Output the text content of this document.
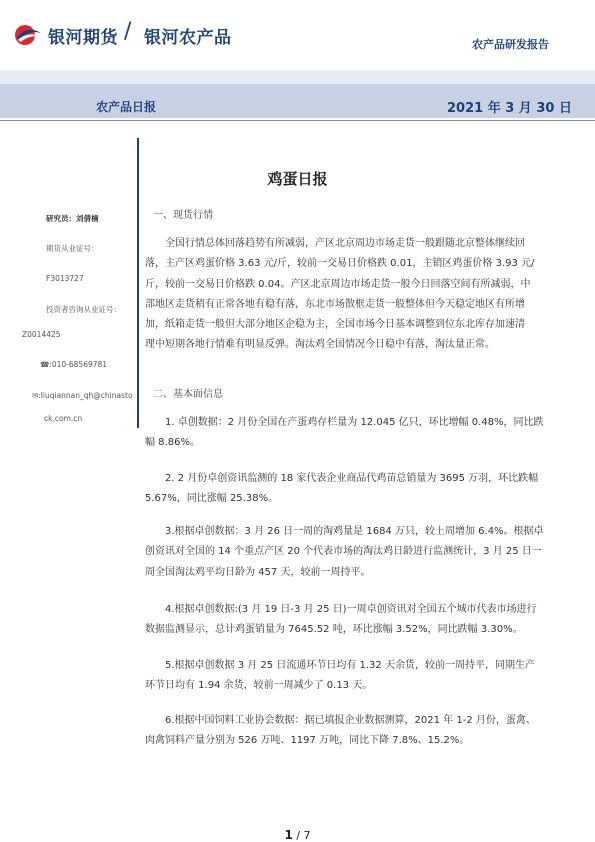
银河期货 / 银河农产品	农产品研发报告
农产品日报	2021 年 3 月 30 日
研究员：刘倩楠
期货从业证号：
F3013727
投资者咨询从业证号：
Z0014425
☎:010-68569781
✉:liuqiannan_qh@chinastо
ck.com.cn
鸡蛋日报
一、现货行情
全国行情总体回落趋势有所减弱，产区北京周边市场走货一般跟随北京整体继续回
落，主产区鸡蛋价格 3.63 元/斤，较前一交易日价格跌 0.01，主销区鸡蛋价格 3.93 元/
斤，较前一交易日价格跌 0.04。产区北京周边市场走货一般今日回落空间有所减弱，中
部地区走货稍有正常各地有稳有落，东北市场散框走货一般整体但今天稳定地区有所增
加，纸箱走货一般但大部分地区企稳为主，全国市场今日基本调整到位东北库存加速清
理中短期各地行情难有明显反弹。淘汰鸡全国情况今日稳中有落，淘汰量正常。
二、基本面信息
1. 卓创数据：2 月份全国在产蛋鸡存栏量为 12.045 亿只，环比增幅 0.48%，同比跌
幅 8.86%。
2. 2 月份卓创资讯监测的 18 家代表企业商品代鸡苗总销量为 3695 万羽，环比跌幅
5.67%，同比涨幅 25.38%。
3.根据卓创数据：3 月 26 日一周的淘鸡量是 1684 万只，较上周增加 6.4%。根据卓
创资讯对全国的 14 个重点产区 20 个代表市场的淘汰鸡日龄进行监测统计，3 月 25 日一
周全国淘汰鸡平均日龄为 457 天，较前一周持平。
4.根据卓创数据:(3 月 19 日-3 月 25 日)一周卓创资讯对全国五个城市代表市场进行
数据监测显示，总计鸡蛋销量为 7645.52 吨，环比涨幅 3.52%，同比跌幅 3.30%。
5.根据卓创数据 3 月 25 日流通环节日均有 1.32 天余货，较前一周持平，同期生产
环节日均有 1.94 余货，较前一周减少了 0.13 天。
6.根据中国饲料工业协会数据：据已填报企业数据测算，2021 年 1-2 月份，蛋禽、
肉禽饲料产量分别为 526 万吨、1197 万吨，同比下降 7.8%、15.2%。
1 / 7
